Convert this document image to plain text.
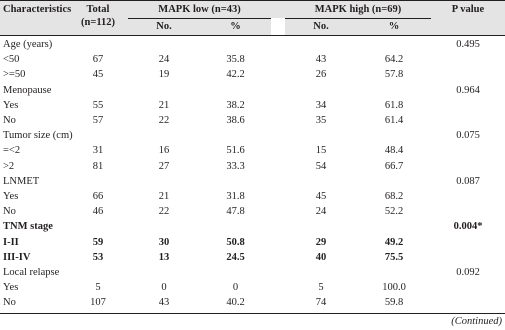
Characteristics	Total
(n=112)
MAPK low (n=43)	MAPK high (n=69)	P value
No.	%	No.	%
Age (years)	0.495
<50	67	24	35.8	43	64.2
>=50	45	19	42.2	26	57.8
Menopause	0.964
Yes	55	21	38.2	34	61.8
No	57	22	38.6	35	61.4
Tumor size (cm)	0.075
=<2	31	16	51.6	15	48.4
>2	81	27	33.3	54	66.7
LNMET	0.087
Yes	66	21	31.8	45	68.2
No	46	22	47.8	24	52.2
TNM stage	0.004*
I-II	59	30	50.8	29	49.2
III-IV	53	13	24.5	40	75.5
Local relapse	0.092
Yes	5	0	0	5	100.0
No	107	43	40.2	74	59.8
(Continued)
